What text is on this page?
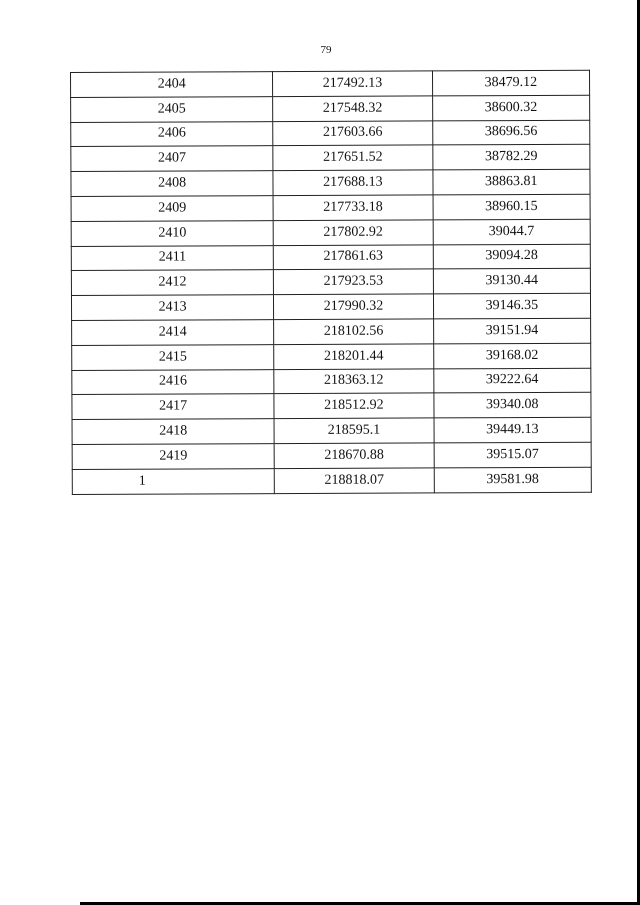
79
2404	217492.13	38479.12
2405	217548.32	38600.32
2406	217603.66	38696.56
2407	217651.52	38782.29
2408	217688.13	38863.81
2409	217733.18	38960.15
2410	217802.92	39044.7
2411	217861.63	39094.28
2412	217923.53	39130.44
2413	217990.32	39146.35
2414	218102.56	39151.94
2415	218201.44	39168.02
2416	218363.12	39222.64
2417	218512.92	39340.08
2418	218595.1	39449.13
2419	218670.88	39515.07
1	218818.07	39581.98
